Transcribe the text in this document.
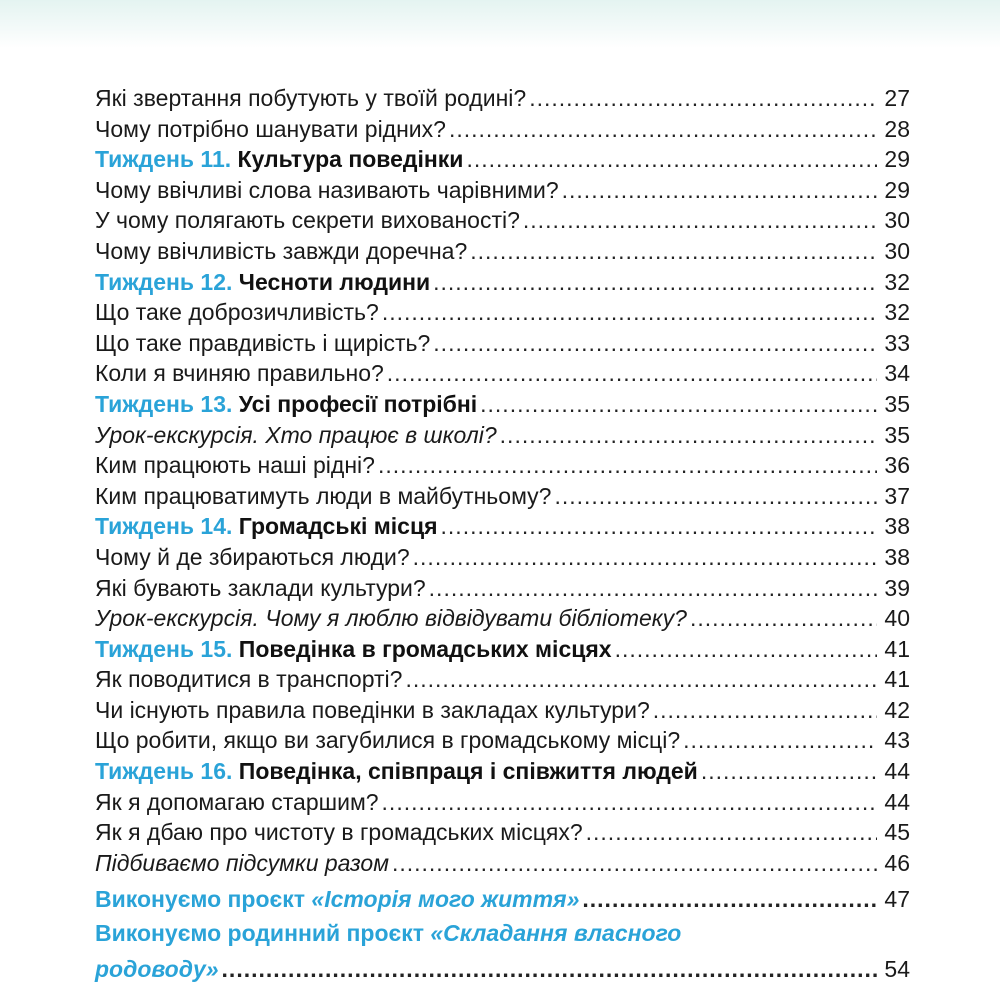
Які звертання побутують у твоїй родині? .....	27
Чому потрібно шанувати рідних? .....	28
Тиждень 11. Культура поведінки .....	29
Чому ввічливі слова називають чарівними? .....	29
У чому полягають секрети вихованості? .....	30
Чому ввічливість завжди доречна? .....	30
Тиждень 12. Чесноти людини .....	32
Що таке доброзичливість? .....	32
Що таке правдивість і щирість? .....	33
Коли я вчиняю правильно? .....	34
Тиждень 13. Усі професії потрібні .....	35
Урок-екскурсія. Хто працює в школі? .....	35
Ким працюють наші рідні? .....	36
Ким працюватимуть люди в майбутньому? .....	37
Тиждень 14. Громадські місця .....	38
Чому й де збираються люди? .....	38
Які бувають заклади культури? .....	39
Урок-екскурсія. Чому я люблю відвідувати бібліотеку? .....	40
Тиждень 15. Поведінка в громадських місцях .....	41
Як поводитися в транспорті? .....	41
Чи існують правила поведінки в закладах культури? .....	42
Що робити, якщо ви загубилися в громадському місці? .....	43
Тиждень 16. Поведінка, співпраця і співжиття людей .....	44
Як я допомагаю старшим? .....	44
Як я дбаю про чистоту в громадських місцях? .....	45
Підбиваємо підсумки разом .....	46
Виконуємо проєкт «Історія мого життя» .....	47
Виконуємо родинний проєкт «Складання власного
родоводу» .....	54
